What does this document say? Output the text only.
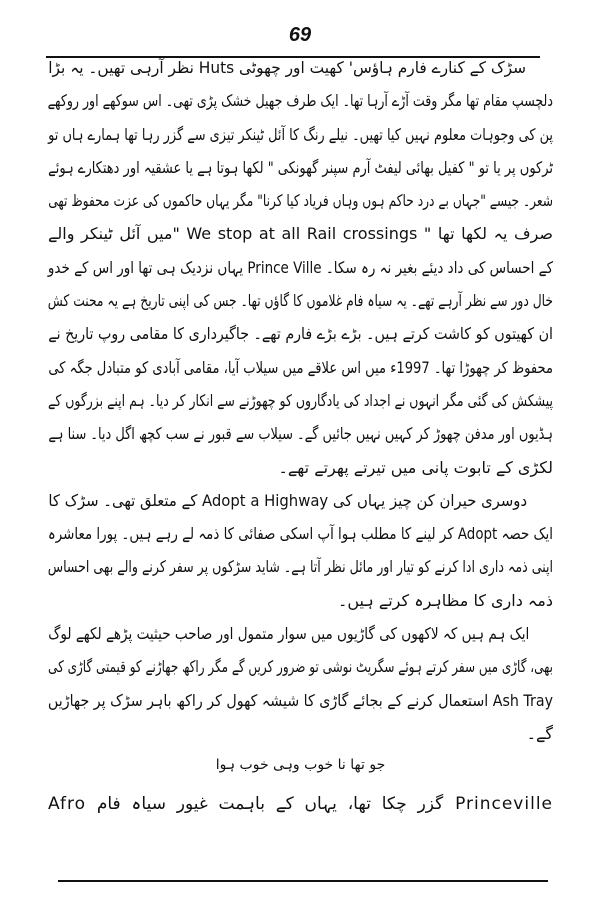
69
سڑک کے کنارے فارم ہاؤس' کھیت اور چھوٹی Huts نظر آرہی تھیں۔ یہ بڑا
دلچسپ مقام تھا مگر وقت آڑے آرہا تھا۔ ایک طرف جھیل خشک پڑی تھی۔ اس سوکھے اور روکھے
پن کی وجوہات معلوم نہیں کیا تھیں۔ نیلے رنگ کا آئل ٹینکر تیزی سے گزر رہا تھا ہمارے ہاں تو
ٹرکوں پر یا تو " کفیل بھائی لیفٹ آرم سپنر گھونکی " لکھا ہوتا ہے یا عشقیہ اور دھتکارے ہوئے
شعر۔ جیسے "جہاں بے درد حاکم ہوں وہاں فریاد کیا کرنا" مگر یہاں حاکموں کی عزت محفوظ تھی
صرف یہ لکھا تھا " We stop at all Rail crossings "میں آئل ٹینکر والے
کے احساس کی داد دیئے بغیر نہ رہ سکا۔ Prince Ville یہاں نزدیک ہی تھا اور اس کے خدو
خال دور سے نظر آرہے تھے۔ یہ سیاہ فام غلاموں کا گاؤں تھا۔ جس کی اپنی تاریخ ہے یہ محنت کش
ان کھیتوں کو کاشت کرتے ہیں۔ بڑے بڑے فارم تھے۔ جاگیرداری کا مقامی روپ تاریخ نے
محفوظ کر چھوڑا تھا۔ 1997ء میں اس علاقے میں سیلاب آیا، مقامی آبادی کو متبادل جگہ کی
پیشکش کی گئی مگر انہوں نے اجداد کی یادگاروں کو چھوڑنے سے انکار کر دیا۔ ہم اپنے بزرگوں کے
ہڈیوں اور مدفن چھوڑ کر کہیں نہیں جائیں گے۔ سیلاب سے قبور نے سب کچھ اگل دیا۔ سنا ہے
لکڑی کے تابوت پانی میں تیرتے پھرتے تھے۔
دوسری حیران کن چیز یہاں کی Adopt a Highway کے متعلق تھی۔ سڑک کا
ایک حصہ Adopt کر لینے کا مطلب ہوا آپ اسکی صفائی کا ذمہ لے رہے ہیں۔ پورا معاشرہ
اپنی ذمہ داری ادا کرنے کو تیار اور مائل نظر آتا ہے۔ شاید سڑکوں پر سفر کرنے والے بھی احساس
ذمہ داری کا مظاہرہ کرتے ہیں۔
ایک ہم ہیں کہ لاکھوں کی گاڑیوں میں سوار متمول اور صاحب حیثیت پڑھے لکھے لوگ
بھی، گاڑی میں سفر کرتے ہوئے سگریٹ نوشی تو ضرور کریں گے مگر راکھ جھاڑنے کو قیمتی گاڑی کی
Ash Tray استعمال کرنے کے بجائے گاڑی کا شیشہ کھول کر راکھ باہر سڑک پر جھاڑیں
گے۔
جو تھا نا خوب وہی خوب ہوا
Princeville گزر چکا تھا، یہاں کے باہمت غیور سیاہ فام Afro
